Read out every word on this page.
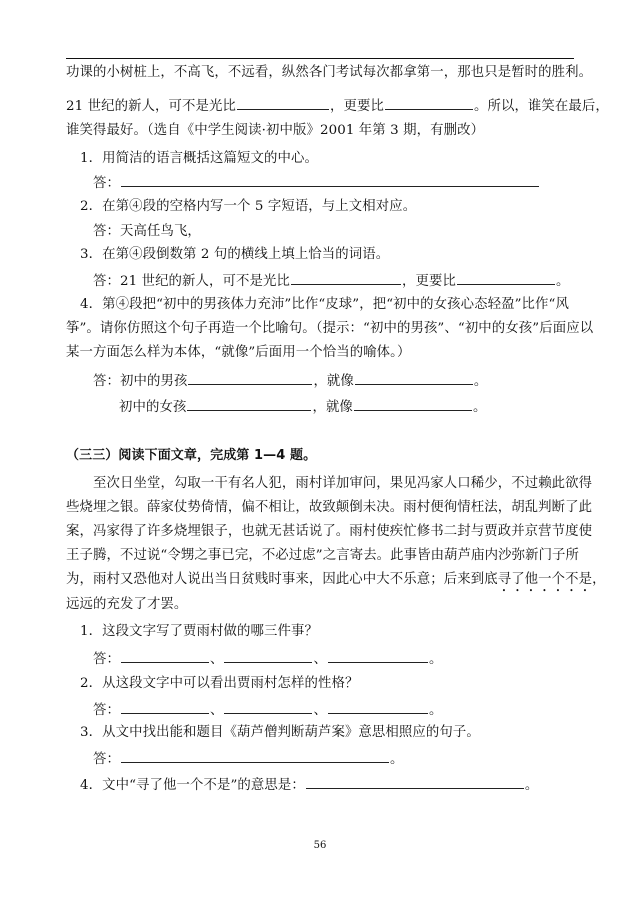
功课的小树桩上，不高飞，不远看，纵然各门考试每次都拿第一，那也只是暂时的胜利。
21 世纪的新人，可不是光比	，更要比	。所以，谁笑在最后，
谁笑得最好。（选自《中学生阅读·初中版》2001 年第 3 期，有删改）
1．用简洁的语言概括这篇短文的中心。
答：
2．在第④段的空格内写一个 5 字短语，与上文相对应。
答：天高任鸟飞，
3．在第④段倒数第 2 句的横线上填上恰当的词语。
答：21 世纪的新人，可不是光比	，更要比	。
4．第④段把“初中的男孩体力充沛”比作“皮球”，把“初中的女孩心态轻盈”比作“风
筝”。请你仿照这个句子再造一个比喻句。（提示：“初中的男孩”、“初中的女孩”后面应以
某一方面怎么样为本体，“就像”后面用一个恰当的喻体。）
答：初中的男孩	，就像	。
初中的女孩	，就像	。
（三三）阅读下面文章，完成第 1—4 题。
至次日坐堂，勾取一干有名人犯，雨村详加审问，果见冯家人口稀少，不过赖此欲得
些烧埋之银。薛家仗势倚情，偏不相让，故致颠倒未决。雨村便徇情枉法，胡乱判断了此
案，冯家得了许多烧埋银子，也就无甚话说了。雨村使疾忙修书二封与贾政并京营节度使
王子腾，不过说“令甥之事已完，不必过虑”之言寄去。此事皆由葫芦庙内沙弥新门子所
为，雨村又恐他对人说出当日贫贱时事来，因此心中大不乐意；后来到底寻了他一个不是，
远远的充发了才罢。
1．这段文字写了贾雨村做的哪三件事？
答：	、	、	。
2．从这段文字中可以看出贾雨村怎样的性格？
答：	、	、	。
3．从文中找出能和题目《葫芦僧判断葫芦案》意思相照应的句子。
答：	。
4．文中“寻了他一个不是”的意思是：	。
56
